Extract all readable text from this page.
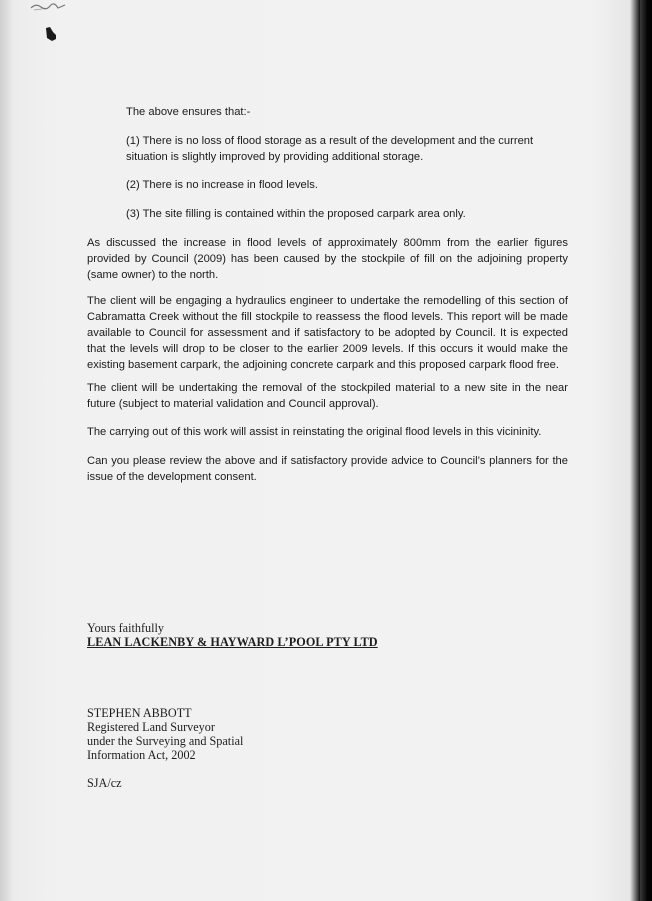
The above ensures that:-

(1) There is no loss of flood storage as a result of the development and the current situation is slightly improved by providing additional storage.

(2) There is no increase in flood levels.

(3) The site filling is contained within the proposed carpark area only.

As discussed the increase in flood levels of approximately 800mm from the earlier figures provided by Council (2009) has been caused by the stockpile of fill on the adjoining property (same owner) to the north.

The client will be engaging a hydraulics engineer to undertake the remodelling of this section of Cabramatta Creek without the fill stockpile to reassess the flood levels. This report will be made available to Council for assessment and if satisfactory to be adopted by Council. It is expected that the levels will drop to be closer to the earlier 2009 levels. If this occurs it would make the existing basement carpark, the adjoining concrete carpark and this proposed carpark flood free.

The client will be undertaking the removal of the stockpiled material to a new site in the near future (subject to material validation and Council approval).

The carrying out of this work will assist in reinstating the original flood levels in this vicininity.

Can you please review the above and if satisfactory provide advice to Council’s planners for the issue of the development consent.

Yours faithfully

LEAN LACKENBY & HAYWARD L’POOL PTY LTD

STEPHEN ABBOTT

Registered Land Surveyor

under the Surveying and Spatial

Information Act, 2002

SJA/cz
